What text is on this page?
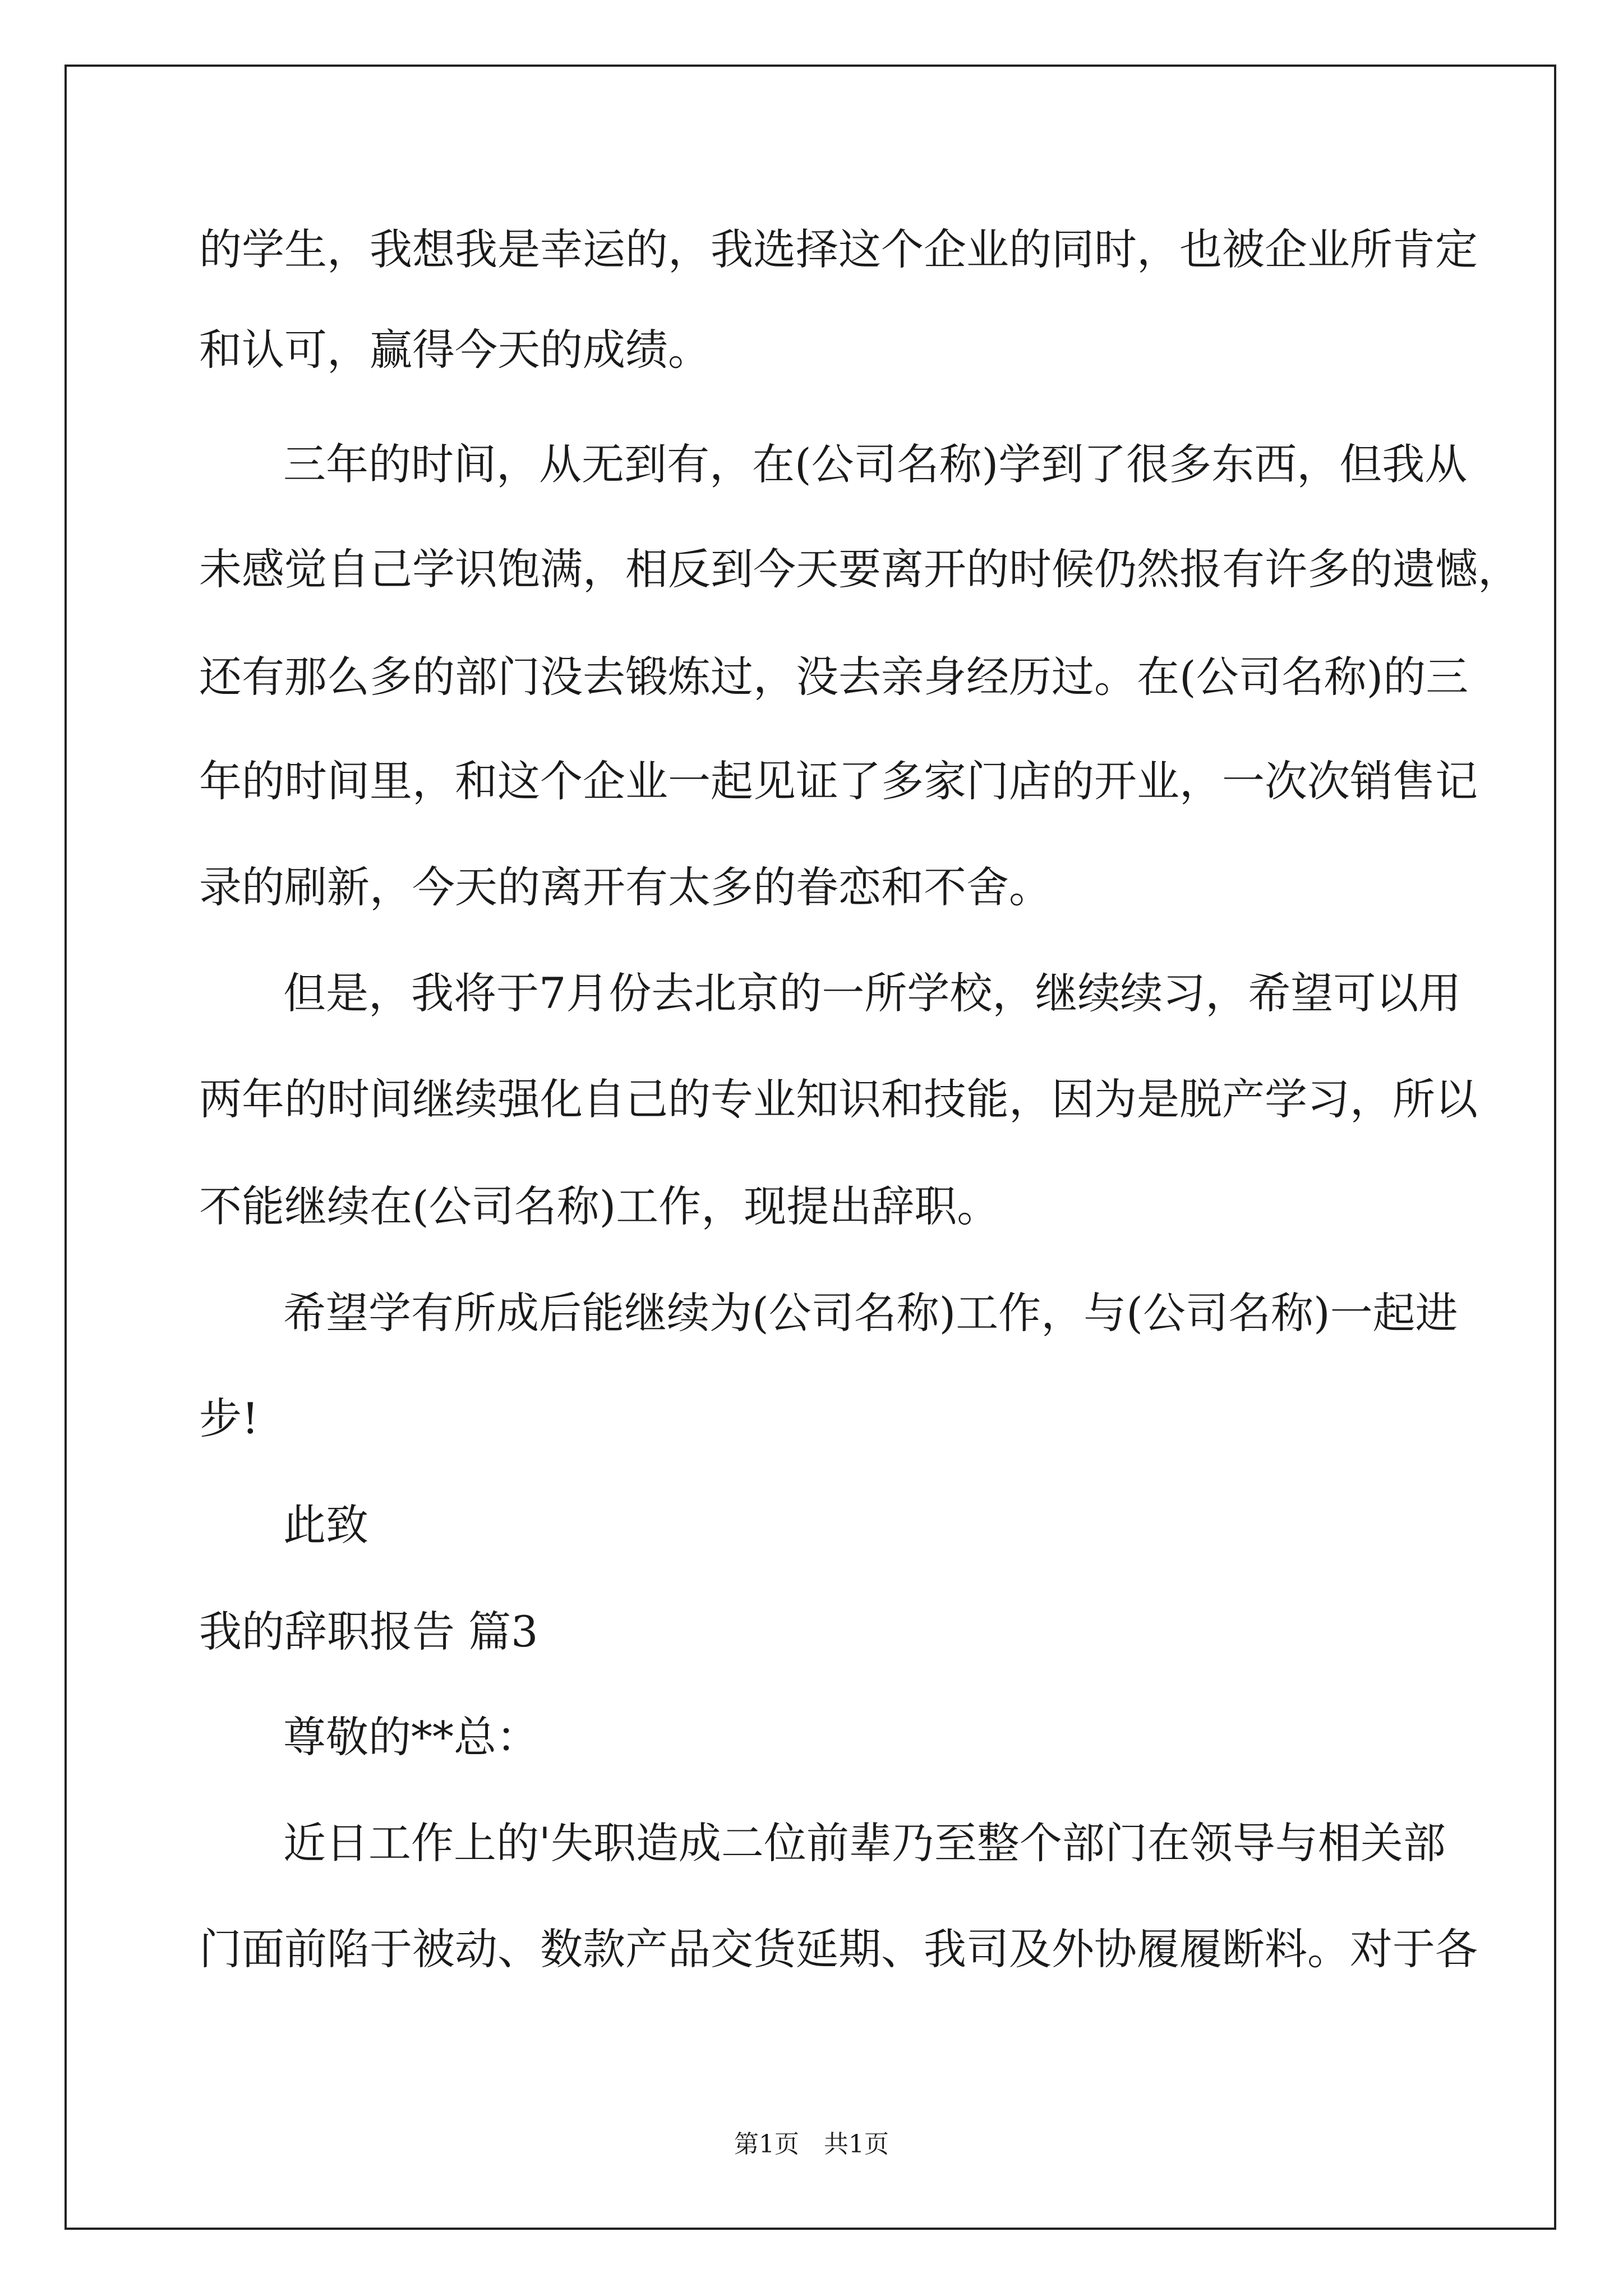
的学生，我想我是幸运的，我选择这个企业的同时，也被企业所肯定

和认可，赢得今天的成绩。

三年的时间，从无到有，在(公司名称)学到了很多东西，但我从

未感觉自己学识饱满，相反到今天要离开的时候仍然报有许多的遗憾，

还有那么多的部门没去锻炼过，没去亲身经历过。在(公司名称)的三

年的时间里，和这个企业一起见证了多家门店的开业，一次次销售记

录的刷新，今天的离开有太多的眷恋和不舍。

但是，我将于7月份去北京的一所学校，继续续习，希望可以用

两年的时间继续强化自己的专业知识和技能，因为是脱产学习，所以

不能继续在(公司名称)工作，现提出辞职。

希望学有所成后能继续为(公司名称)工作，与(公司名称)一起进

步!

此致

我的辞职报告 篇3

尊敬的**总：

近日工作上的'失职造成二位前辈乃至整个部门在领导与相关部

门面前陷于被动、数款产品交货延期、我司及外协履履断料。对于各

第1页　共1页
